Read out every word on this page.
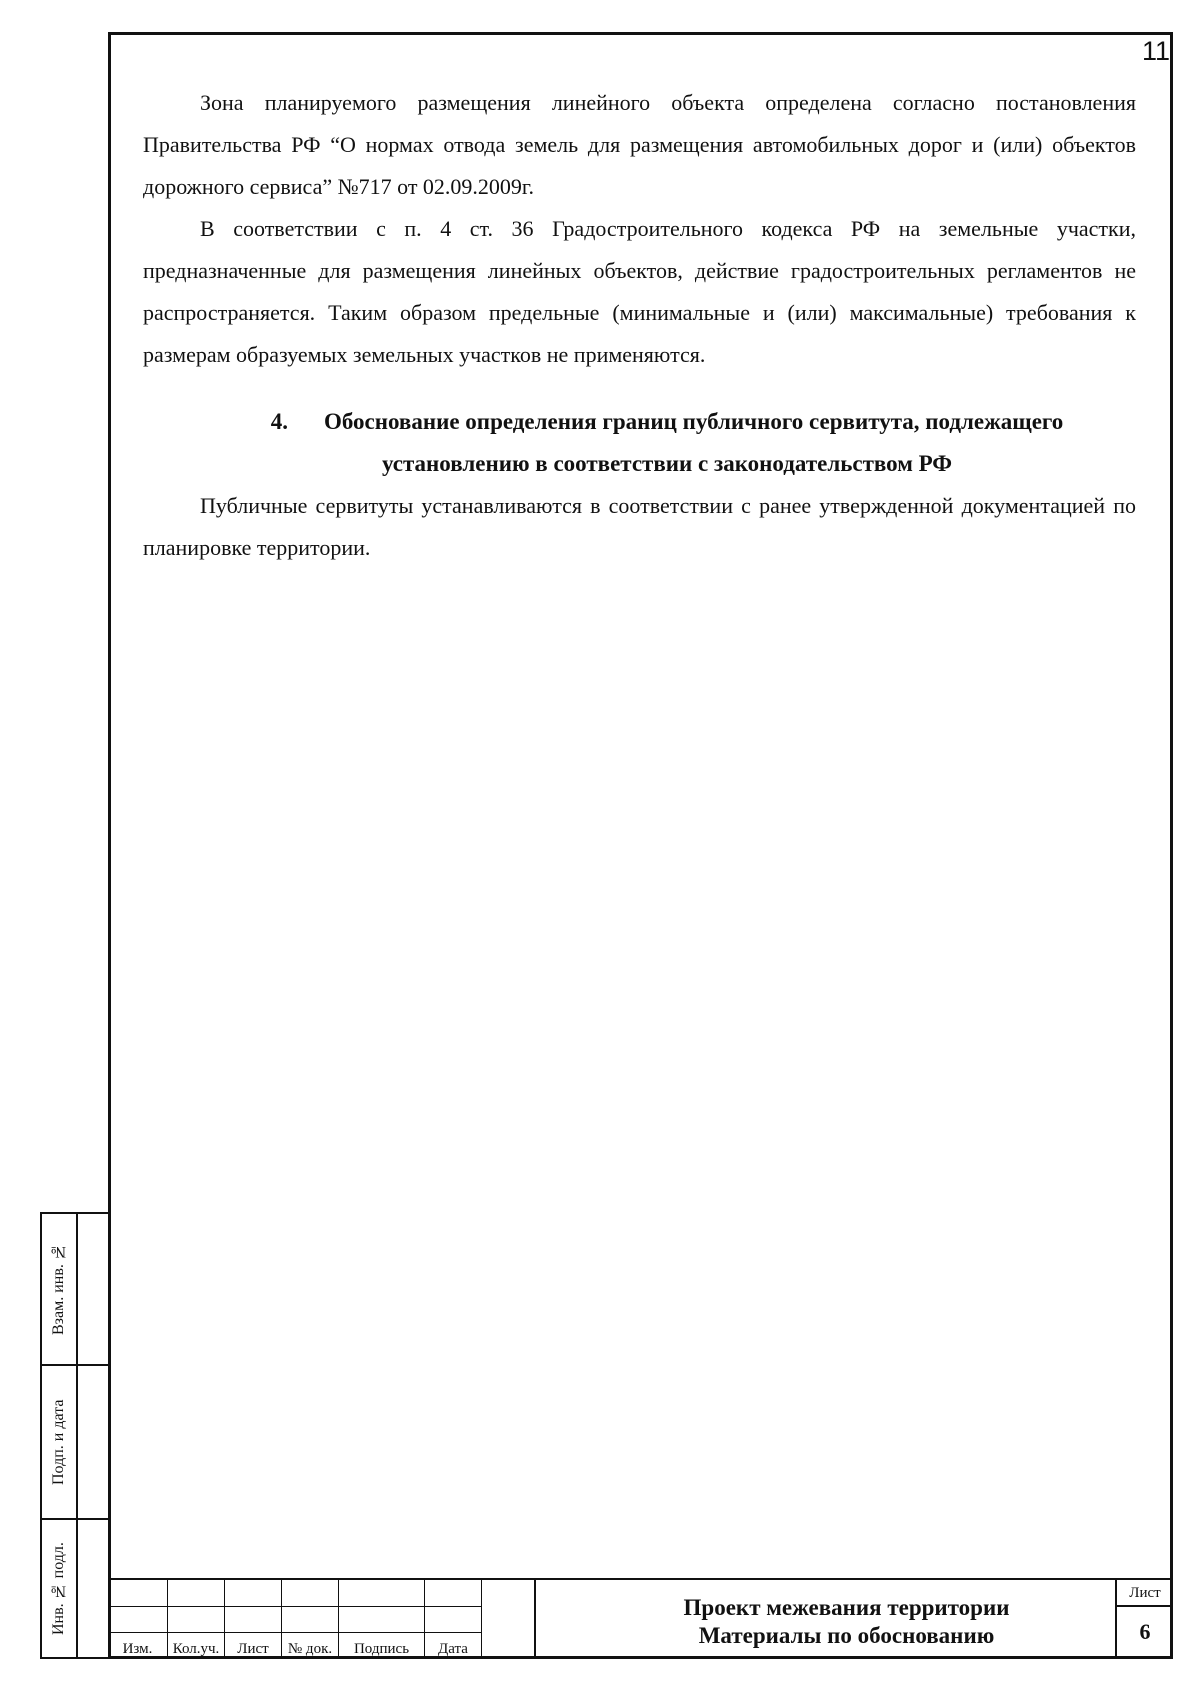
11

Зона планируемого размещения линейного объекта определена согласно постановления Правительства РФ “О нормах отвода земель для размещения автомобильных дорог и (или) объектов дорожного сервиса” №717 от 02.09.2009г.

В соответствии с п. 4 ст. 36 Градостроительного кодекса РФ на земельные участки, предназначенные для размещения линейных объектов, действие градостроительных регламентов не распространяется. Таким образом предельные (минимальные и (или) максимальные) требования к размерам образуемых земельных участков не применяются.

4. Обоснование определения границ публичного сервитута, подлежащего установлению в соответствии с законодательством РФ

Публичные сервитуты устанавливаются в соответствии с ранее утвержденной документацией по планировке территории.

Взам. инв. №
Подп. и дата
Инв. № подл.
Изм.	Кол.уч.	Лист	№ док.	Подпись	Дата
Проект межевания территории
Материалы по обоснованию
Лист
6
